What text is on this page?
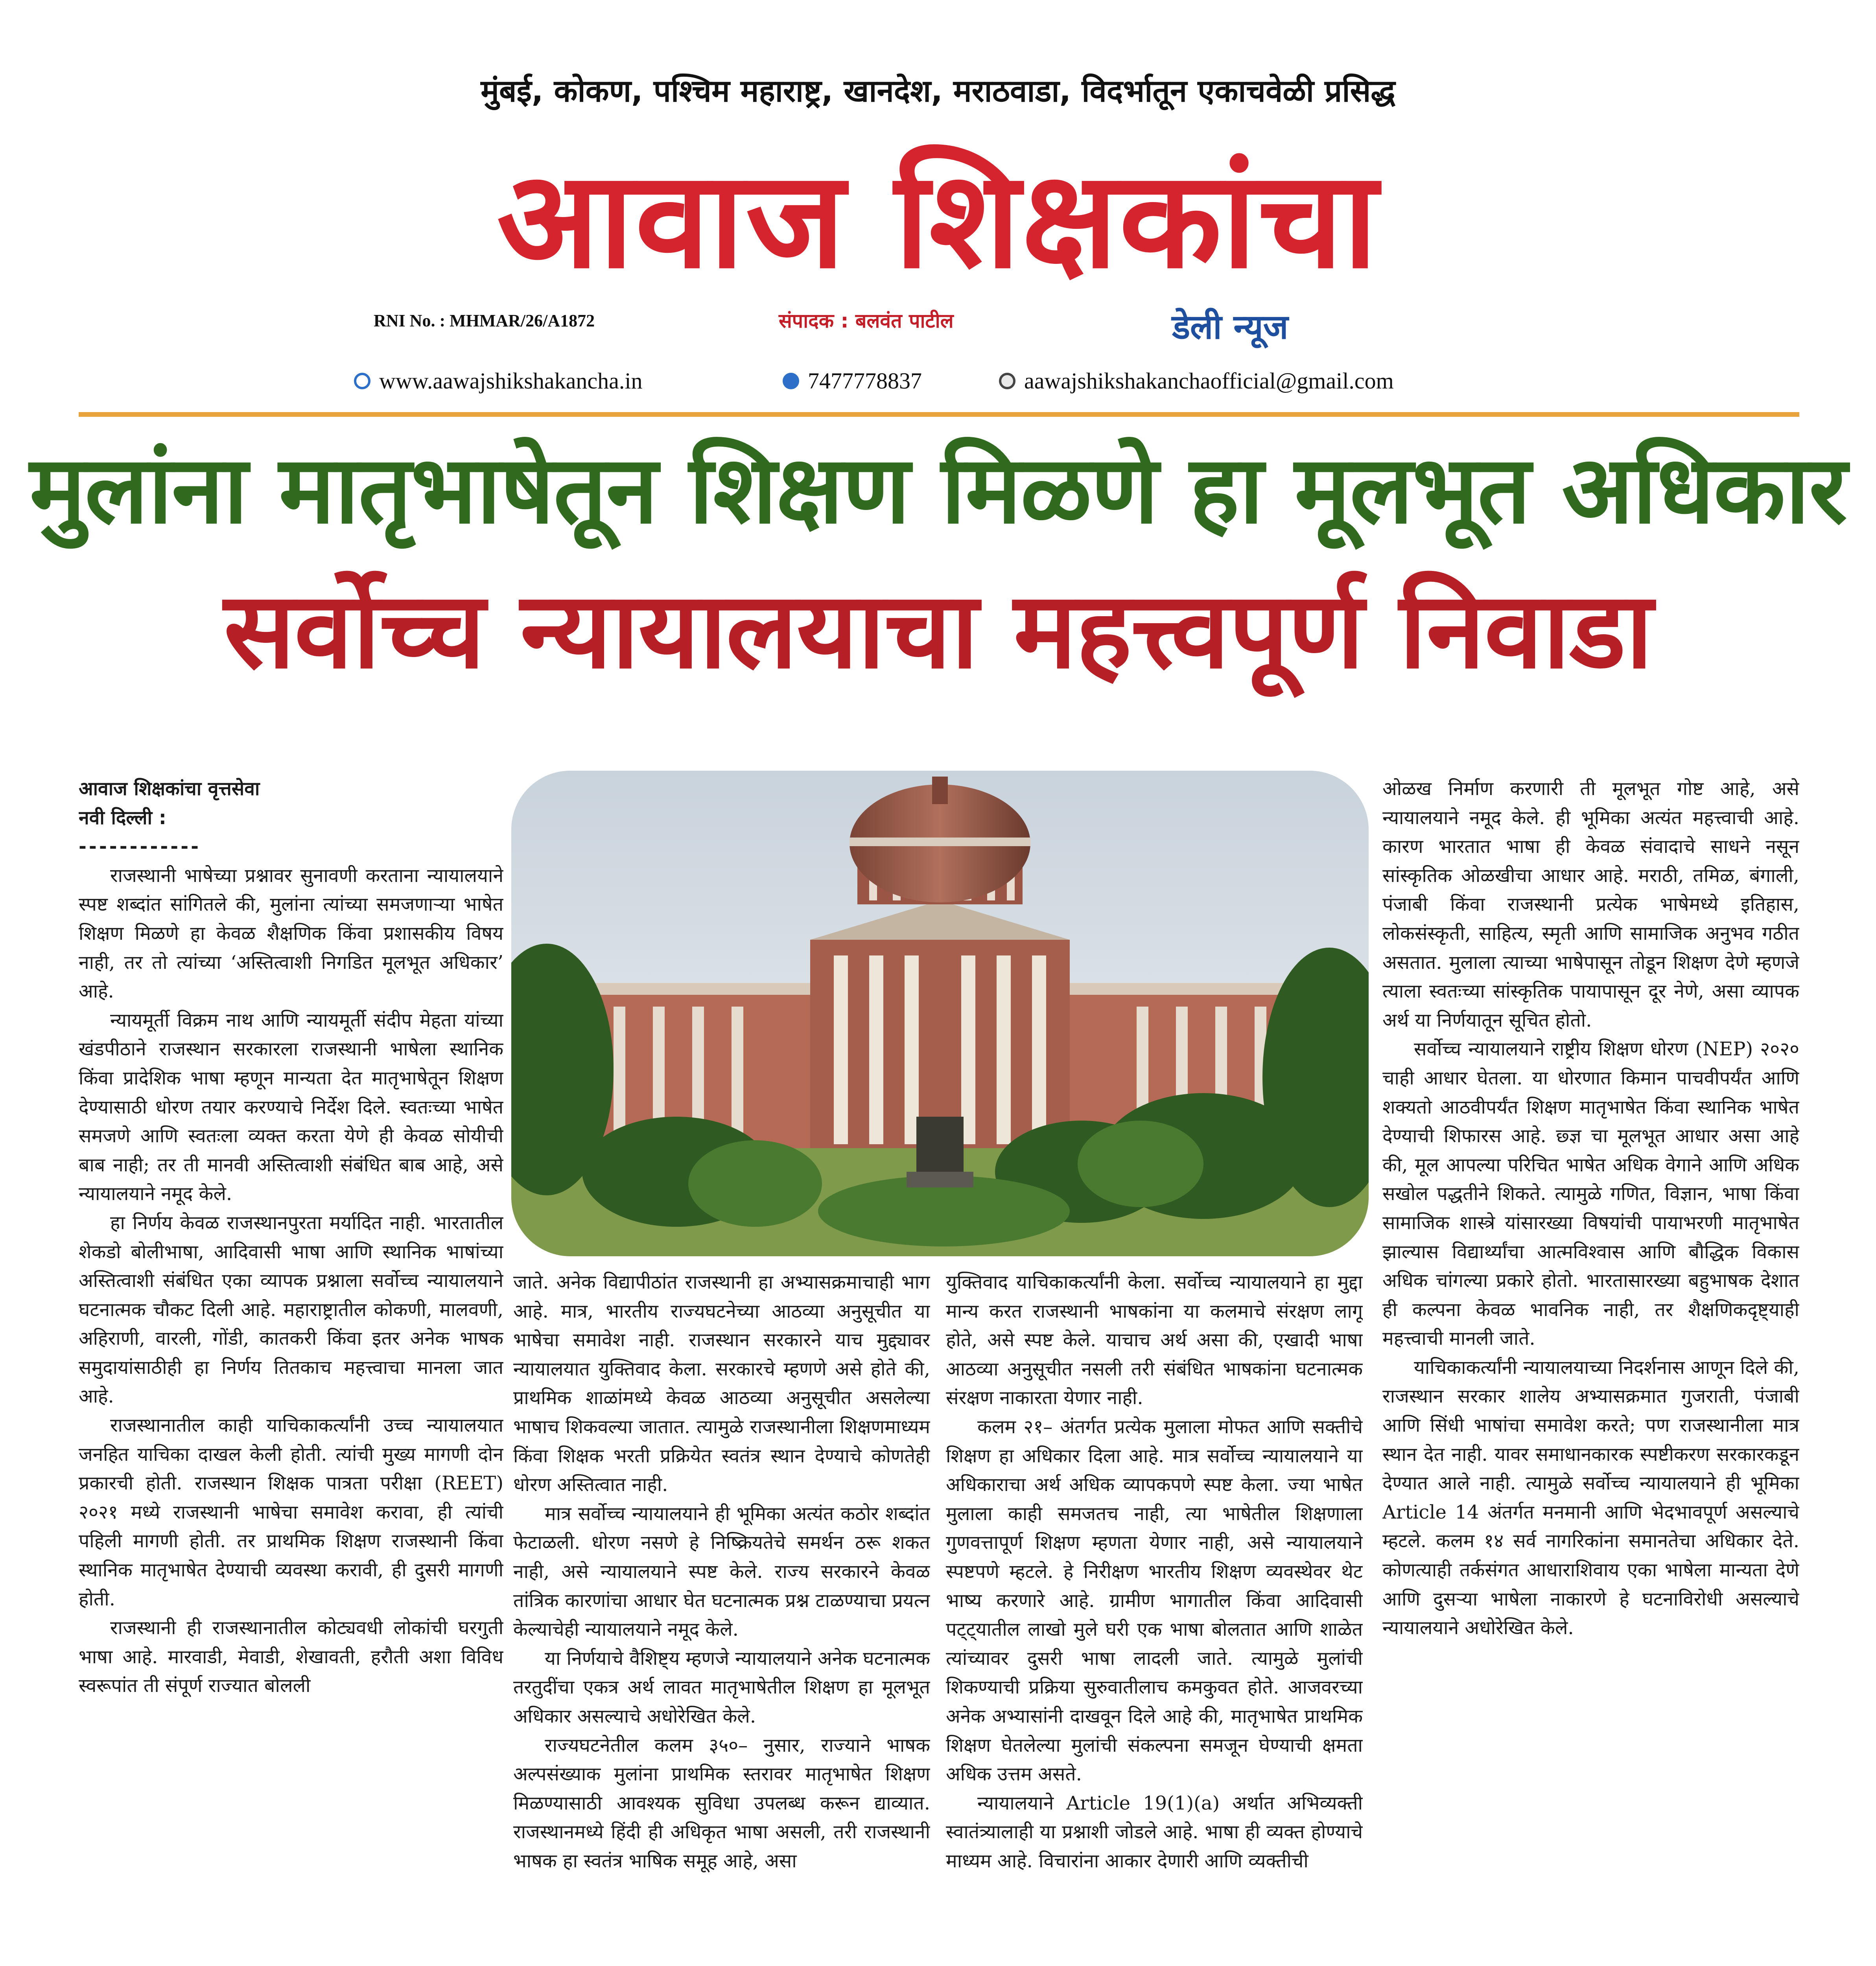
मुंबई, कोकण, पश्चिम महाराष्ट्र, खानदेश, मराठवाडा, विदर्भातून एकाचवेळी प्रसिद्ध
आवाज शिक्षकांचा
RNI No. : MHMAR/26/A1872	संपादक : बलवंत पाटील	डेली न्यूज
www.aawajshikshakancha.in	7477778837	aawajshikshakanchaofficial@gmail.com
मुलांना मातृभाषेतून शिक्षण मिळणे हा मूलभूत अधिकार
सर्वोच्च न्यायालयाचा महत्त्वपूर्ण निवाडा

आवाज शिक्षकांचा वृत्तसेवा

नवी दिल्ली :

------------

राजस्थानी भाषेच्या प्रश्नावर सुनावणी करताना न्यायालयाने स्पष्ट शब्दांत सांगितले की, मुलांना त्यांच्या समजणाऱ्या भाषेत शिक्षण मिळणे हा केवळ शैक्षणिक किंवा प्रशासकीय विषय नाही, तर तो त्यांच्या ‘अस्तित्वाशी निगडित मूलभूत अधिकार’ आहे.

न्यायमूर्ती विक्रम नाथ आणि न्यायमूर्ती संदीप मेहता यांच्या खंडपीठाने राजस्थान सरकारला राजस्थानी भाषेला स्थानिक किंवा प्रादेशिक भाषा म्हणून मान्यता देत मातृभाषेतून शिक्षण देण्यासाठी धोरण तयार करण्याचे निर्देश दिले. स्वतःच्या भाषेत समजणे आणि स्वतःला व्यक्त करता येणे ही केवळ सोयीची बाब नाही; तर ती मानवी अस्तित्वाशी संबंधित बाब आहे, असे न्यायालयाने नमूद केले.

हा निर्णय केवळ राजस्थानपुरता मर्यादित नाही. भारतातील शेकडो बोलीभाषा, आदिवासी भाषा आणि स्थानिक भाषांच्या अस्तित्वाशी संबंधित एका व्यापक प्रश्नाला सर्वोच्च न्यायालयाने घटनात्मक चौकट दिली आहे. महाराष्ट्रातील कोकणी, मालवणी, अहिराणी, वारली, गोंडी, कातकरी किंवा इतर अनेक भाषक समुदायांसाठीही हा निर्णय तितकाच महत्त्वाचा मानला जात आहे.

राजस्थानातील काही याचिकाकर्त्यांनी उच्च न्यायालयात जनहित याचिका दाखल केली होती. त्यांची मुख्य मागणी दोन प्रकारची होती. राजस्थान शिक्षक पात्रता परीक्षा (REET) २०२१ मध्ये राजस्थानी भाषेचा समावेश करावा, ही त्यांची पहिली मागणी होती. तर प्राथमिक शिक्षण राजस्थानी किंवा स्थानिक मातृभाषेत देण्याची व्यवस्था करावी, ही दुसरी मागणी होती.

राजस्थानी ही राजस्थानातील कोट्यवधी लोकांची घरगुती भाषा आहे. मारवाडी, मेवाडी, शेखावती, हरौती अशा विविध स्वरूपांत ती संपूर्ण राज्यात बोलली

जाते. अनेक विद्यापीठांत राजस्थानी हा अभ्यासक्रमाचाही भाग आहे. मात्र, भारतीय राज्यघटनेच्या आठव्या अनुसूचीत या भाषेचा समावेश नाही. राजस्थान सरकारने याच मुद्द्यावर न्यायालयात युक्तिवाद केला. सरकारचे म्हणणे असे होते की, प्राथमिक शाळांमध्ये केवळ आठव्या अनुसूचीत असलेल्या भाषाच शिकवल्या जातात. त्यामुळे राजस्थानीला शिक्षणमाध्यम किंवा शिक्षक भरती प्रक्रियेत स्वतंत्र स्थान देण्याचे कोणतेही धोरण अस्तित्वात नाही.

मात्र सर्वोच्च न्यायालयाने ही भूमिका अत्यंत कठोर शब्दांत फेटाळली. धोरण नसणे हे निष्क्रियतेचे समर्थन ठरू शकत नाही, असे न्यायालयाने स्पष्ट केले. राज्य सरकारने केवळ तांत्रिक कारणांचा आधार घेत घटनात्मक प्रश्न टाळण्याचा प्रयत्न केल्याचेही न्यायालयाने नमूद केले.

या निर्णयाचे वैशिष्ट्य म्हणजे न्यायालयाने अनेक घटनात्मक तरतुदींचा एकत्र अर्थ लावत मातृभाषेतील शिक्षण हा मूलभूत अधिकार असल्याचे अधोरेखित केले.

राज्यघटनेतील कलम ३५०– नुसार, राज्याने भाषक अल्पसंख्याक मुलांना प्राथमिक स्तरावर मातृभाषेत शिक्षण मिळण्यासाठी आवश्यक सुविधा उपलब्ध करून द्याव्यात. राजस्थानमध्ये हिंदी ही अधिकृत भाषा असली, तरी राजस्थानी भाषक हा स्वतंत्र भाषिक समूह आहे, असा

युक्तिवाद याचिकाकर्त्यांनी केला. सर्वोच्च न्यायालयाने हा मुद्दा मान्य करत राजस्थानी भाषकांना या कलमाचे संरक्षण लागू होते, असे स्पष्ट केले. याचाच अर्थ असा की, एखादी भाषा आठव्या अनुसूचीत नसली तरी संबंधित भाषकांना घटनात्मक संरक्षण नाकारता येणार नाही.

कलम २१– अंतर्गत प्रत्येक मुलाला मोफत आणि सक्तीचे शिक्षण हा अधिकार दिला आहे. मात्र सर्वोच्च न्यायालयाने या अधिकाराचा अर्थ अधिक व्यापकपणे स्पष्ट केला. ज्या भाषेत मुलाला काही समजतच नाही, त्या भाषेतील शिक्षणाला गुणवत्तापूर्ण शिक्षण म्हणता येणार नाही, असे न्यायालयाने स्पष्टपणे म्हटले. हे निरीक्षण भारतीय शिक्षण व्यवस्थेवर थेट भाष्य करणारे आहे. ग्रामीण भागातील किंवा आदिवासी पट्ट्यातील लाखो मुले घरी एक भाषा बोलतात आणि शाळेत त्यांच्यावर दुसरी भाषा लादली जाते. त्यामुळे मुलांची शिकण्याची प्रक्रिया सुरुवातीलाच कमकुवत होते. आजवरच्या अनेक अभ्यासांनी दाखवून दिले आहे की, मातृभाषेत प्राथमिक शिक्षण घेतलेल्या मुलांची संकल्पना समजून घेण्याची क्षमता अधिक उत्तम असते.

न्यायालयाने Article 19(1)(a) अर्थात अभिव्यक्ती स्वातंत्र्यालाही या प्रश्नाशी जोडले आहे. भाषा ही व्यक्त होण्याचे माध्यम आहे. विचारांना आकार देणारी आणि व्यक्तीची

ओळख निर्माण करणारी ती मूलभूत गोष्ट आहे, असे न्यायालयाने नमूद केले. ही भूमिका अत्यंत महत्त्वाची आहे. कारण भारतात भाषा ही केवळ संवादाचे साधने नसून सांस्कृतिक ओळखीचा आधार आहे. मराठी, तमिळ, बंगाली, पंजाबी किंवा राजस्थानी प्रत्येक भाषेमध्ये इतिहास, लोकसंस्कृती, साहित्य, स्मृती आणि सामाजिक अनुभव गठीत असतात. मुलाला त्याच्या भाषेपासून तोडून शिक्षण देणे म्हणजे त्याला स्वतःच्या सांस्कृतिक पायापासून दूर नेणे, असा व्यापक अर्थ या निर्णयातून सूचित होतो.

सर्वोच्च न्यायालयाने राष्ट्रीय शिक्षण धोरण (NEP) २०२० चाही आधार घेतला. या धोरणात किमान पाचवीपर्यंत आणि शक्यतो आठवीपर्यंत शिक्षण मातृभाषेत किंवा स्थानिक भाषेत देण्याची शिफारस आहे. छ्ज्ञ चा मूलभूत आधार असा आहे की, मूल आपल्या परिचित भाषेत अधिक वेगाने आणि अधिक सखोल पद्धतीने शिकते. त्यामुळे गणित, विज्ञान, भाषा किंवा सामाजिक शास्त्रे यांसारख्या विषयांची पायाभरणी मातृभाषेत झाल्यास विद्यार्थ्यांचा आत्मविश्वास आणि बौद्धिक विकास अधिक चांगल्या प्रकारे होतो. भारतासारख्या बहुभाषक देशात ही कल्पना केवळ भावनिक नाही, तर शैक्षणिकदृष्ट्याही महत्त्वाची मानली जाते.

याचिकाकर्त्यांनी न्यायालयाच्या निदर्शनास आणून दिले की, राजस्थान सरकार शालेय अभ्यासक्रमात गुजराती, पंजाबी आणि सिंधी भाषांचा समावेश करते; पण राजस्थानीला मात्र स्थान देत नाही. यावर समाधानकारक स्पष्टीकरण सरकारकडून देण्यात आले नाही. त्यामुळे सर्वोच्च न्यायालयाने ही भूमिका Article 14 अंतर्गत मनमानी आणि भेदभावपूर्ण असल्याचे म्हटले. कलम १४ सर्व नागरिकांना समानतेचा अधिकार देते. कोणत्याही तर्कसंगत आधाराशिवाय एका भाषेला मान्यता देणे आणि दुसऱ्या भाषेला नाकारणे हे घटनाविरोधी असल्याचे न्यायालयाने अधोरेखित केले.
